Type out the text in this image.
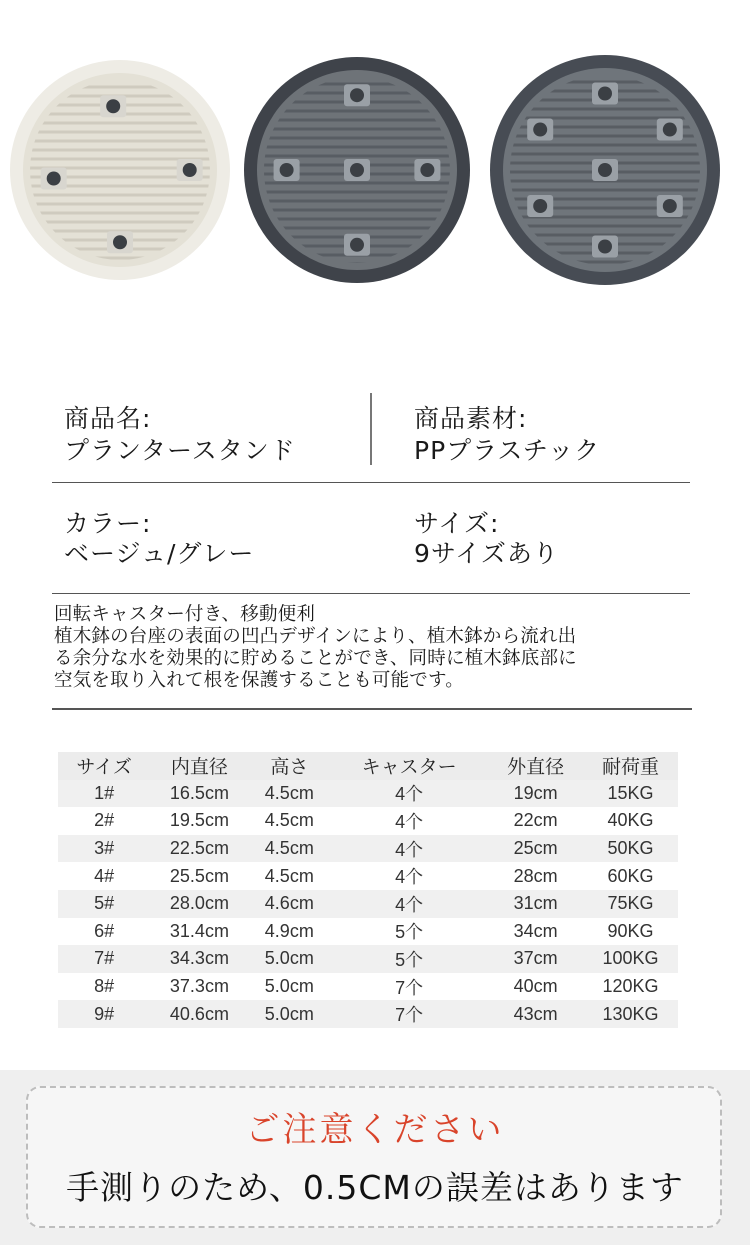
商品名:
プランタースタンド
商品素材:
PPプラスチック
カラー:
ベージュ/グレー
サイズ:
9サイズあり
回転キャスター付き、移動便利
植木鉢の台座の表面の凹凸デザインにより、植木鉢から流れ出
る余分な水を効果的に貯めることができ、同時に植木鉢底部に
空気を取り入れて根を保護することも可能です。
サイズ	内直径	高さ	キャスター	外直径	耐荷重
1#	16.5cm	4.5cm	4个	19cm	15KG
2#	19.5cm	4.5cm	4个	22cm	40KG
3#	22.5cm	4.5cm	4个	25cm	50KG
4#	25.5cm	4.5cm	4个	28cm	60KG
5#	28.0cm	4.6cm	4个	31cm	75KG
6#	31.4cm	4.9cm	5个	34cm	90KG
7#	34.3cm	5.0cm	5个	37cm	100KG
8#	37.3cm	5.0cm	7个	40cm	120KG
9#	40.6cm	5.0cm	7个	43cm	130KG
ご注意ください
手測りのため、0.5CMの誤差はあります
